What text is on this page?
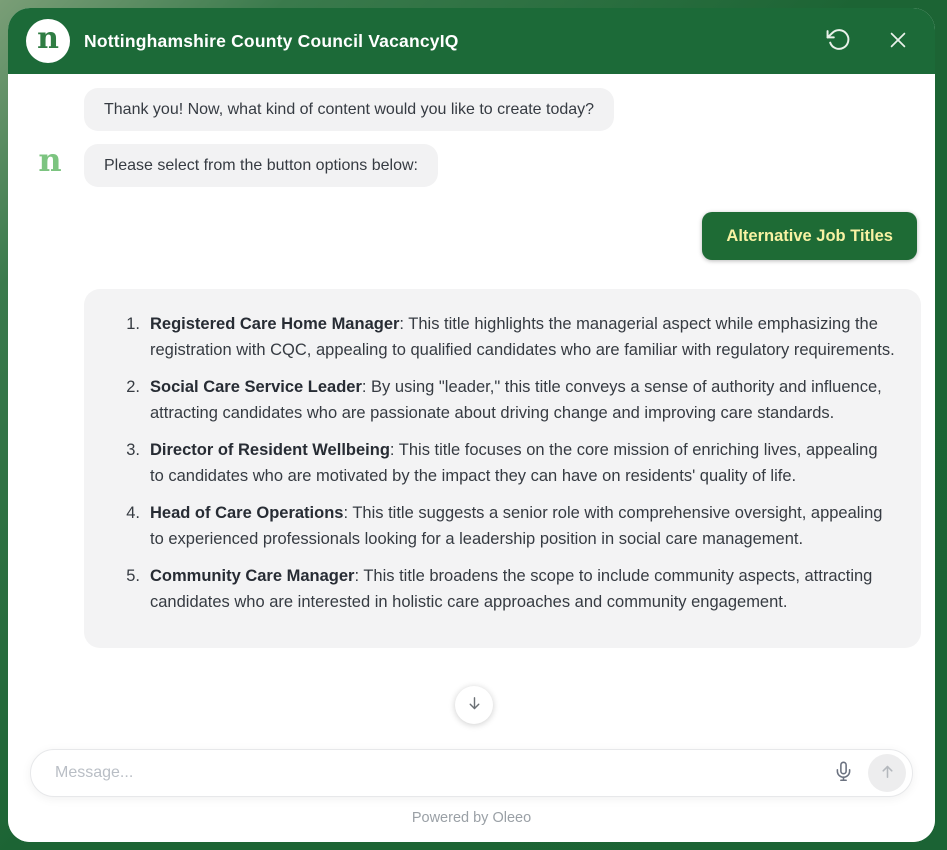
n Nottinghamshire County Council VacancyIQ
Thank you! Now, what kind of content would you like to create today?
n	Please select from the button options below:
Alternative Job Titles
1. Registered Care Home Manager: This title highlights the managerial aspect while emphasizing the registration with CQC, appealing to qualified candidates who are familiar with regulatory requirements.
2. Social Care Service Leader: By using "leader," this title conveys a sense of authority and influence, attracting candidates who are passionate about driving change and improving care standards.
3. Director of Resident Wellbeing: This title focuses on the core mission of enriching lives, appealing to candidates who are motivated by the impact they can have on residents' quality of life.
4. Head of Care Operations: This title suggests a senior role with comprehensive oversight, appealing to experienced professionals looking for a leadership position in social care management.
5. Community Care Manager: This title broadens the scope to include community aspects, attracting candidates who are interested in holistic care approaches and community engagement.
Message...
Powered by Oleeo
